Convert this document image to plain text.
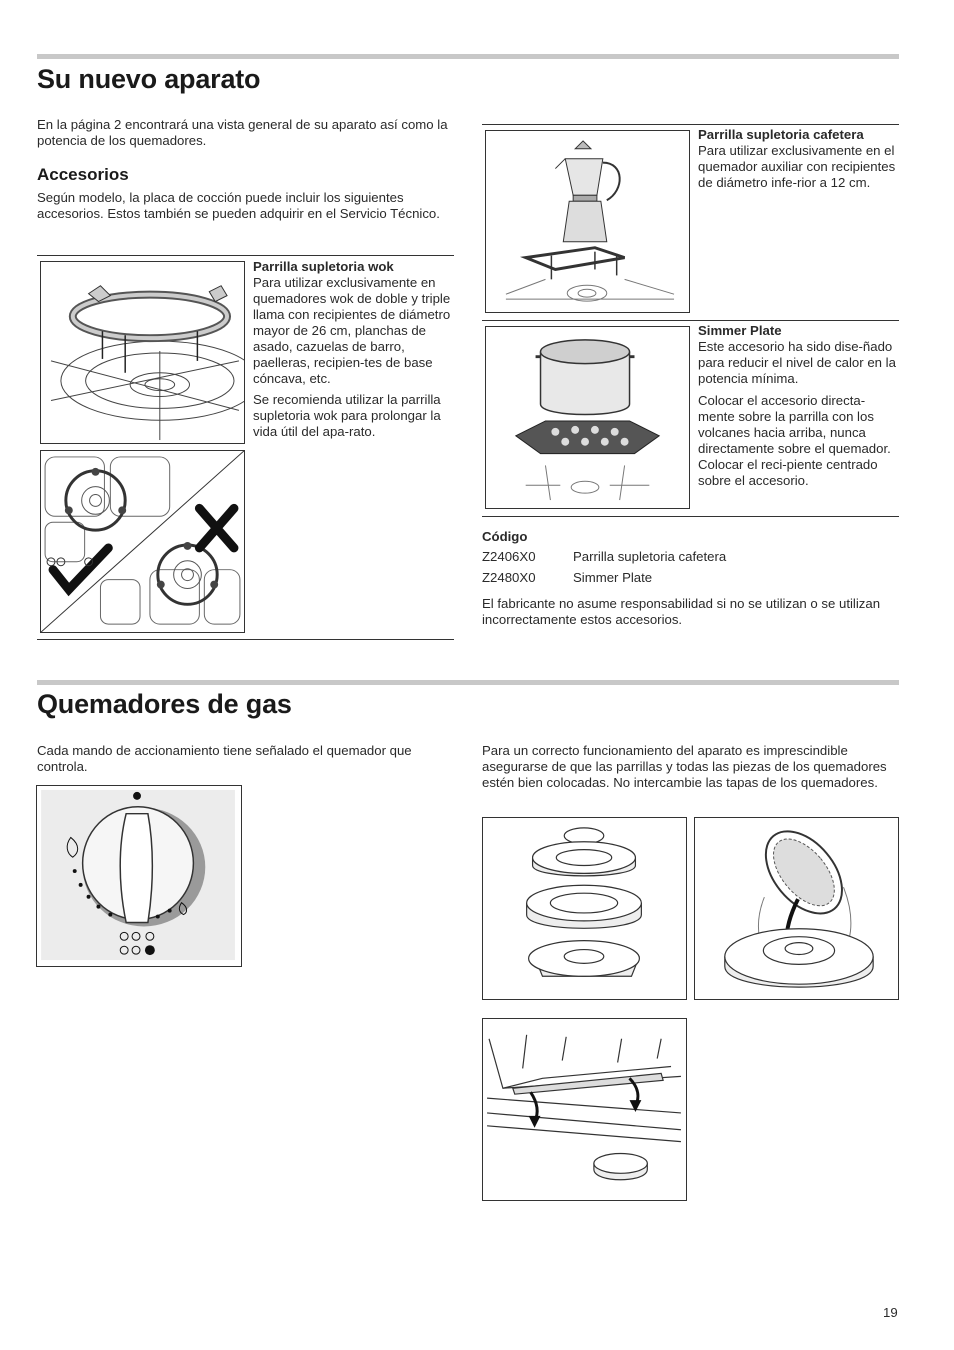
Su nuevo aparato

En la página 2 encontrará una vista general de su aparato así como la potencia de los quemadores.

Accesorios

Según modelo, la placa de cocción puede incluir los siguientes accesorios. Estos también se pueden adquirir en el Servicio Técnico.

Parrilla supletoria wok
Para utilizar exclusivamente en quemadores wok de doble y triple llama con recipientes de diámetro mayor de 26 cm, planchas de asado, cazuelas de barro, paelleras, recipien-tes de base cóncava, etc.

Se recomienda utilizar la parrilla supletoria wok para prolongar la vida útil del apa-rato.

Parrilla supletoria cafetera
Para utilizar exclusivamente en el quemador auxiliar con recipientes de diámetro infe-rior a 12 cm.

Simmer Plate
Este accesorio ha sido dise-ñado para reducir el nivel de calor en la potencia mínima.

Colocar el accesorio directa-mente sobre la parrilla con los volcanes hacia arriba, nunca directamente sobre el quemador. Colocar el reci-piente centrado sobre el accesorio.

Código
Z2406X0	Parrilla supletoria cafetera
Z2480X0	Simmer Plate

El fabricante no asume responsabilidad si no se utilizan o se utilizan incorrectamente estos accesorios.

Quemadores de gas

Cada mando de accionamiento tiene señalado el quemador que controla.

Para un correcto funcionamiento del aparato es imprescindible asegurarse de que las parrillas y todas las piezas de los quemadores estén bien colocadas. No intercambie las tapas de los quemadores.

19
